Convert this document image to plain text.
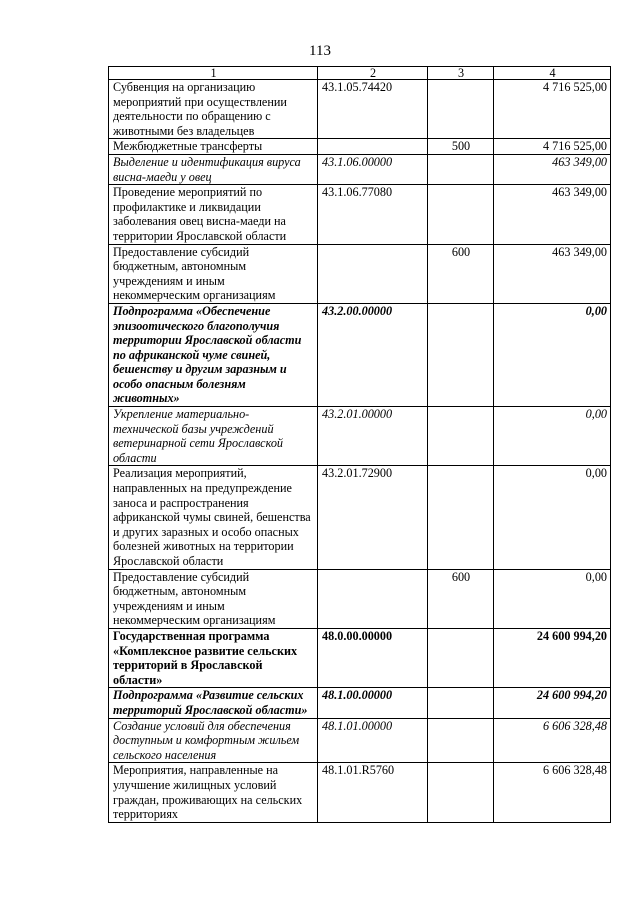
113
1	2	3	4
Субвенция на организацию мероприятий при осуществлении деятельности по обращению с животными без владельцев	43.1.05.74420		4 716 525,00
Межбюджетные трансферты		500	4 716 525,00
Выделение и идентификация вируса висна-маеди у овец	43.1.06.00000		463 349,00
Проведение мероприятий по профилактике и ликвидации заболевания овец висна-маеди на территории Ярославской области	43.1.06.77080		463 349,00
Предоставление субсидий бюджетным, автономным учреждениям и иным некоммерческим организациям		600	463 349,00
Подпрограмма «Обеспечение эпизоотического благополучия территории Ярославской области по африканской чуме свиней, бешенству и другим заразным и особо опасным болезням животных»	43.2.00.00000		0,00
Укрепление материально-технической базы учреждений ветеринарной сети Ярославской области	43.2.01.00000		0,00
Реализация мероприятий, направленных на предупреждение заноса и распространения африканской чумы свиней, бешенства и других заразных и особо опасных болезней животных на территории Ярославской области	43.2.01.72900		0,00
Предоставление субсидий бюджетным, автономным учреждениям и иным некоммерческим организациям		600	0,00
Государственная программа «Комплексное развитие сельских территорий в Ярославской области»	48.0.00.00000		24 600 994,20
Подпрограмма «Развитие сельских территорий Ярославской области»	48.1.00.00000		24 600 994,20
Создание условий для обеспечения доступным и комфортным жильем сельского населения	48.1.01.00000		6 606 328,48
Мероприятия, направленные на улучшение жилищных условий граждан, проживающих на сельских территориях	48.1.01.R5760		6 606 328,48
